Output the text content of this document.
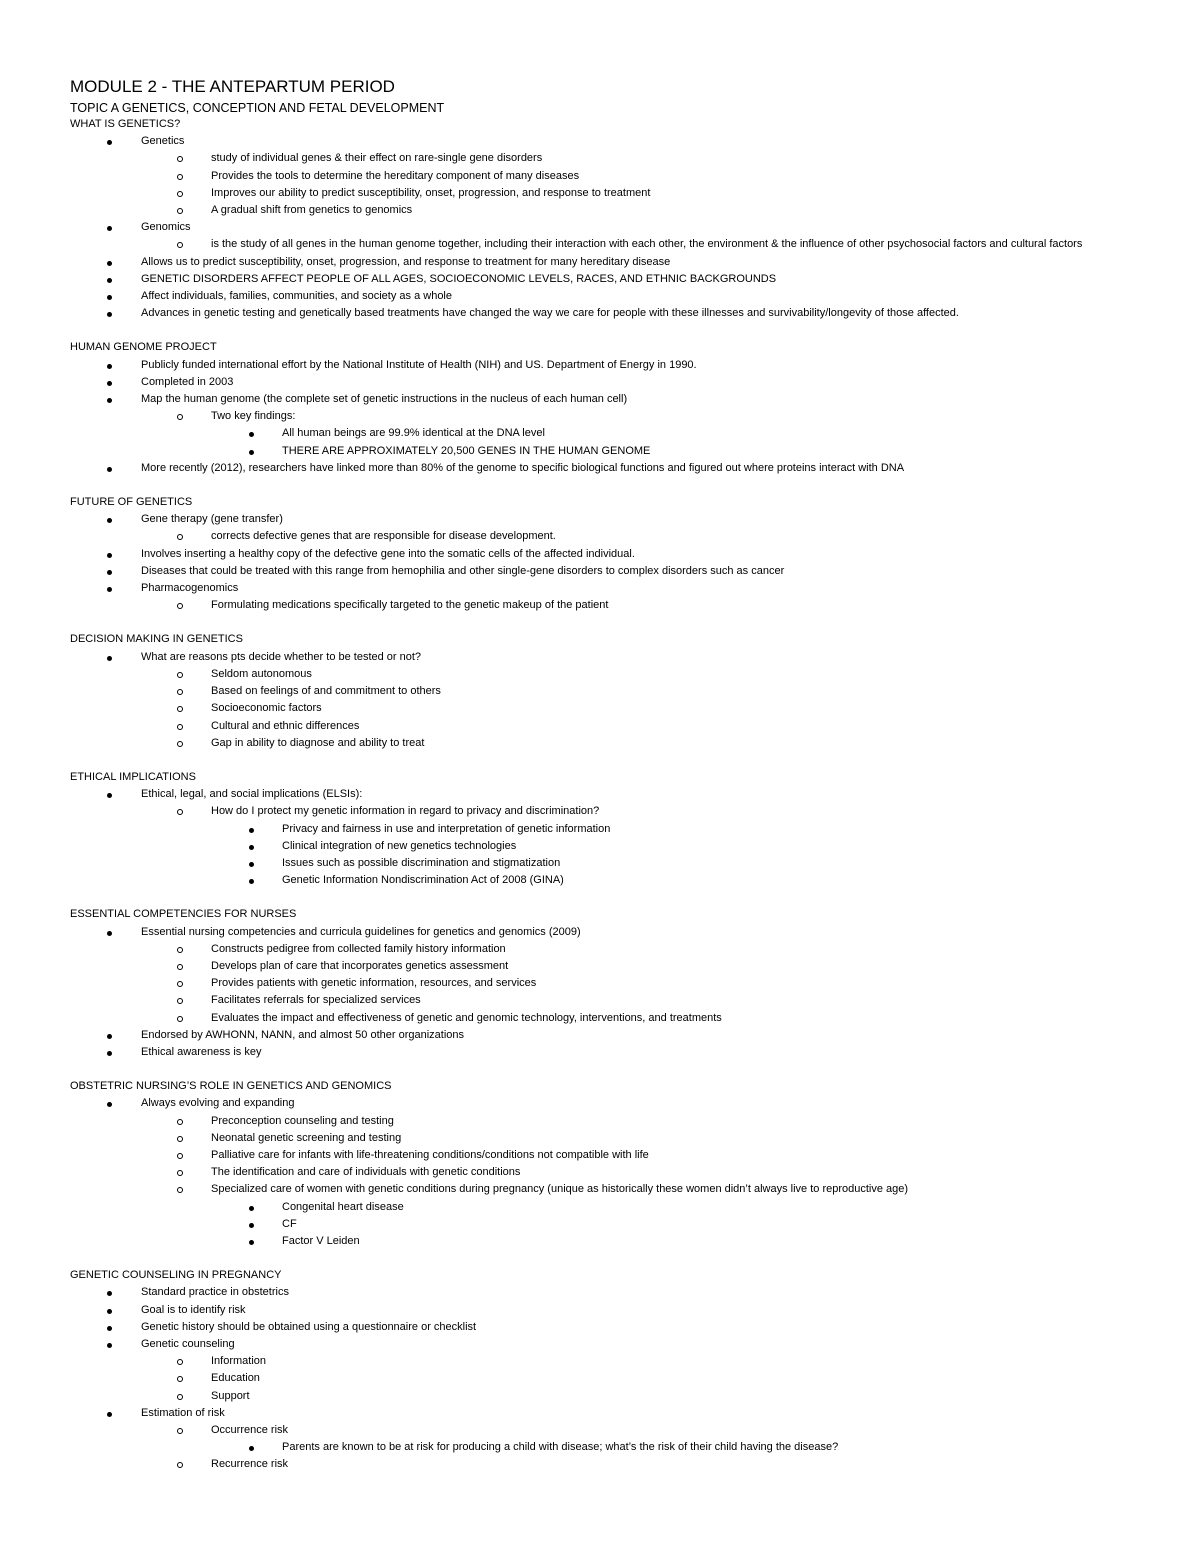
MODULE 2 - THE ANTEPARTUM PERIOD
TOPIC A GENETICS, CONCEPTION AND FETAL DEVELOPMENT
WHAT IS GENETICS?
Genetics
study of individual genes & their effect on rare-single gene disorders
Provides the tools to determine the hereditary component of many diseases
Improves our ability to predict susceptibility, onset, progression, and response to treatment
A gradual shift from genetics to genomics
Genomics
is the study of all genes in the human genome together, including their interaction with each other, the environment & the influence of other psychosocial factors and cultural factors
Allows us to predict susceptibility, onset, progression, and response to treatment for many hereditary disease
GENETIC DISORDERS AFFECT PEOPLE OF ALL AGES, SOCIOECONOMIC LEVELS, RACES, AND ETHNIC BACKGROUNDS
Affect individuals, families, communities, and society as a whole
Advances in genetic testing and genetically based treatments have changed the way we care for people with these illnesses and survivability/longevity of those affected.
HUMAN GENOME PROJECT
Publicly funded international effort by the National Institute of Health (NIH) and US. Department of Energy in 1990.
Completed in 2003
Map the human genome (the complete set of genetic instructions in the nucleus of each human cell)
Two key findings:
All human beings are 99.9% identical at the DNA level
THERE ARE APPROXIMATELY 20,500 GENES IN THE HUMAN GENOME
More recently (2012), researchers have linked more than 80% of the genome to specific biological functions and figured out where proteins interact with DNA
FUTURE OF GENETICS
Gene therapy (gene transfer)
corrects defective genes that are responsible for disease development.
Involves inserting a healthy copy of the defective gene into the somatic cells of the affected individual.
Diseases that could be treated with this range from hemophilia and other single-gene disorders to complex disorders such as cancer
Pharmacogenomics
Formulating medications specifically targeted to the genetic makeup of the patient
DECISION MAKING IN GENETICS
What are reasons pts decide whether to be tested or not?
Seldom autonomous
Based on feelings of and commitment to others
Socioeconomic factors
Cultural and ethnic differences
Gap in ability to diagnose and ability to treat
ETHICAL IMPLICATIONS
Ethical, legal, and social implications (ELSIs):
How do I protect my genetic information in regard to privacy and discrimination?
Privacy and fairness in use and interpretation of genetic information
Clinical integration of new genetics technologies
Issues such as possible discrimination and stigmatization
Genetic Information Nondiscrimination Act of 2008 (GINA)
ESSENTIAL COMPETENCIES FOR NURSES
Essential nursing competencies and curricula guidelines for genetics and genomics (2009)
Constructs pedigree from collected family history information
Develops plan of care that incorporates genetics assessment
Provides patients with genetic information, resources, and services
Facilitates referrals for specialized services
Evaluates the impact and effectiveness of genetic and genomic technology, interventions, and treatments
Endorsed by AWHONN, NANN, and almost 50 other organizations
Ethical awareness is key
OBSTETRIC NURSING’S ROLE IN GENETICS AND GENOMICS
Always evolving and expanding
Preconception counseling and testing
Neonatal genetic screening and testing
Palliative care for infants with life-threatening conditions/conditions not compatible with life
The identification and care of individuals with genetic conditions
Specialized care of women with genetic conditions during pregnancy (unique as historically these women didn’t always live to reproductive age)
Congenital heart disease
CF
Factor V Leiden
GENETIC COUNSELING IN PREGNANCY
Standard practice in obstetrics
Goal is to identify risk
Genetic history should be obtained using a questionnaire or checklist
Genetic counseling
Information
Education
Support
Estimation of risk
Occurrence risk
Parents are known to be at risk for producing a child with disease; what’s the risk of their child having the disease?
Recurrence risk
